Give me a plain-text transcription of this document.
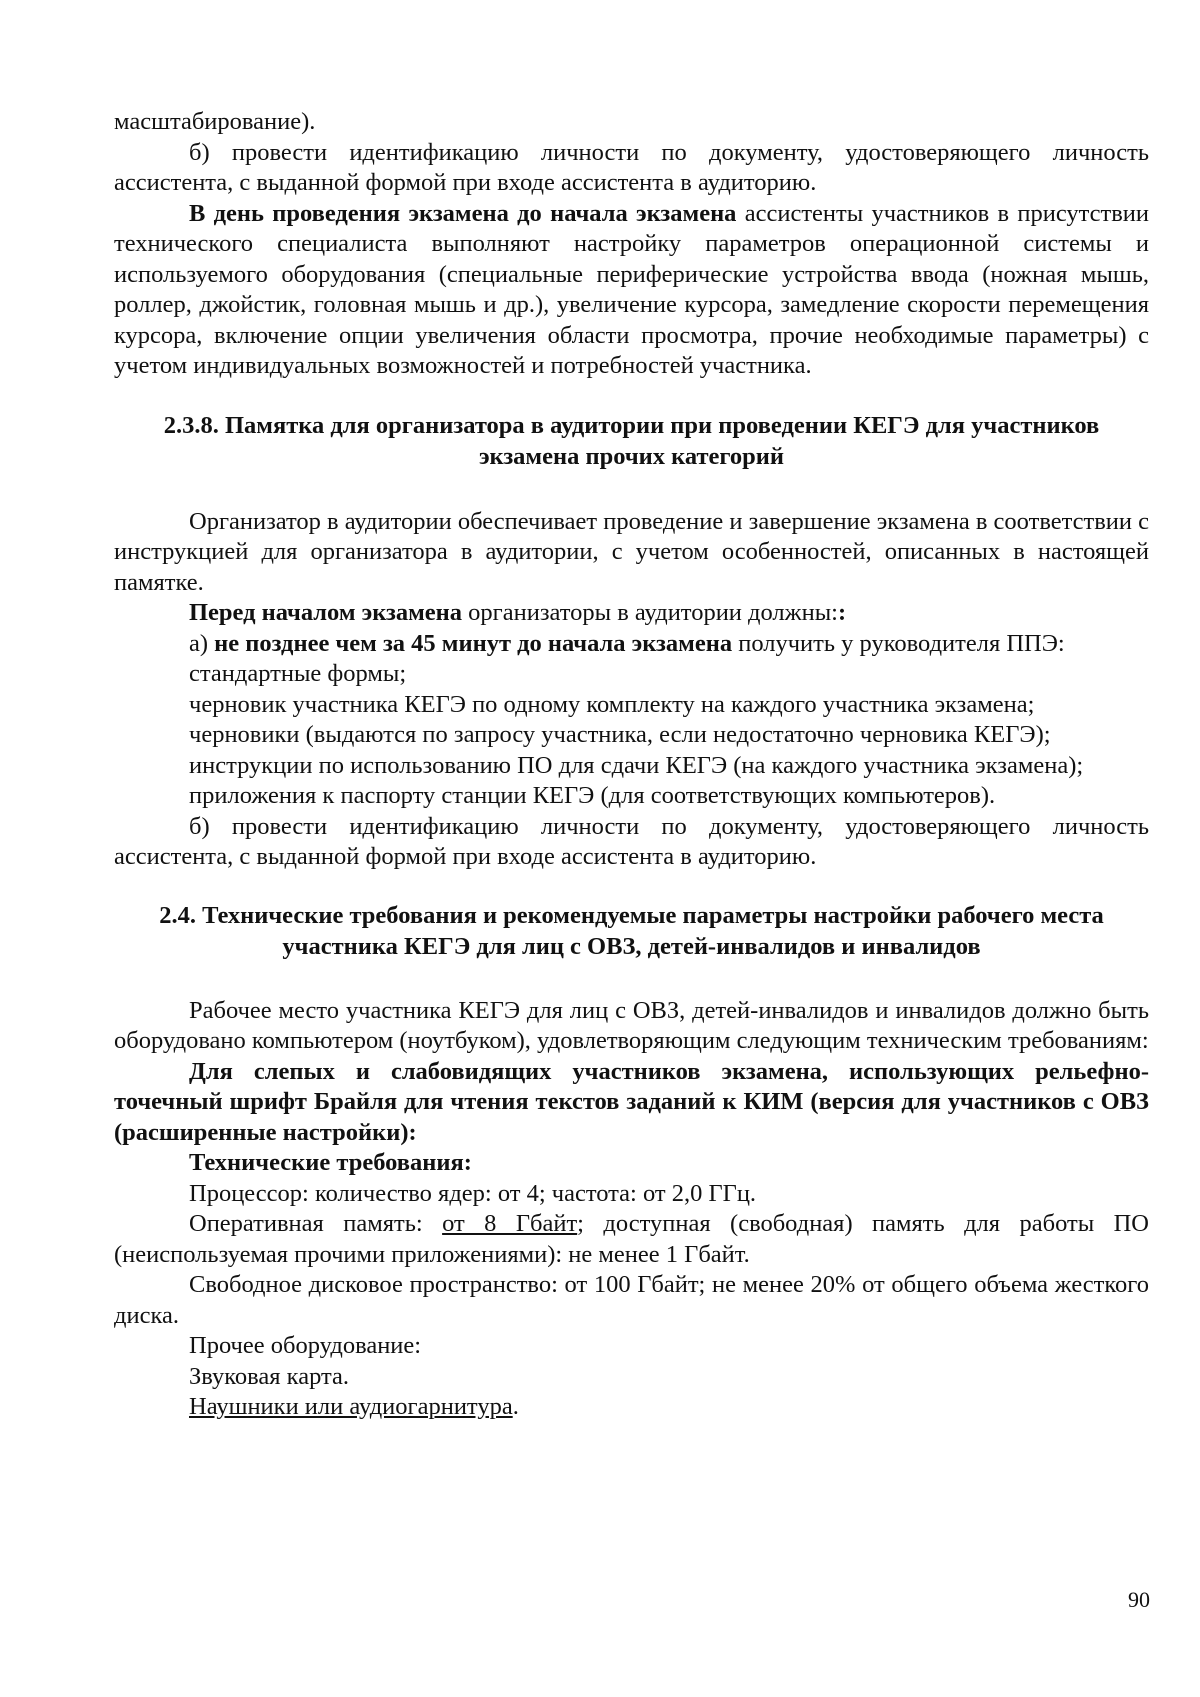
масштабирование).

б) провести идентификацию личности по документу, удостоверяющего личность ассистента, с выданной формой при входе ассистента в аудиторию.

В день проведения экзамена до начала экзамена ассистенты участников в присутствии технического специалиста выполняют настройку параметров операционной системы и используемого оборудования (специальные периферические устройства ввода (ножная мышь, роллер, джойстик, головная мышь и др.), увеличение курсора, замедление скорости перемещения курсора, включение опции увеличения области просмотра, прочие необходимые параметры) с учетом индивидуальных возможностей и потребностей участника.

2.3.8. Памятка для организатора в аудитории при проведении КЕГЭ для участников экзамена прочих категорий

Организатор в аудитории обеспечивает проведение и завершение экзамена в соответствии с инструкцией для организатора в аудитории, с учетом особенностей, описанных в настоящей памятке.

Перед началом экзамена организаторы в аудитории должны::

а) не позднее чем за 45 минут до начала экзамена получить у руководителя ППЭ:

стандартные формы;

черновик участника КЕГЭ по одному комплекту на каждого участника экзамена;

черновики (выдаются по запросу участника, если недостаточно черновика КЕГЭ);

инструкции по использованию ПО для сдачи КЕГЭ (на каждого участника экзамена);

приложения к паспорту станции КЕГЭ (для соответствующих компьютеров).

б) провести идентификацию личности по документу, удостоверяющего личность ассистента, с выданной формой при входе ассистента в аудиторию.

2.4. Технические требования и рекомендуемые параметры настройки рабочего места участника КЕГЭ для лиц с ОВЗ, детей-инвалидов и инвалидов

Рабочее место участника КЕГЭ для лиц с ОВЗ, детей-инвалидов и инвалидов должно быть оборудовано компьютером (ноутбуком), удовлетворяющим следующим техническим требованиям:

Для слепых и слабовидящих участников экзамена, использующих рельефно-точечный шрифт Брайля для чтения текстов заданий к КИМ (версия для участников с ОВЗ (расширенные настройки):

Технические требования:

Процессор: количество ядер: от 4; частота: от 2,0 ГГц.

Оперативная память: от 8 Гбайт; доступная (свободная) память для работы ПО (неиспользуемая прочими приложениями): не менее 1 Гбайт.

Свободное дисковое пространство: от 100 Гбайт; не менее 20% от общего объема жесткого диска.

Прочее оборудование:

Звуковая карта.

Наушники или аудиогарнитура.

90
